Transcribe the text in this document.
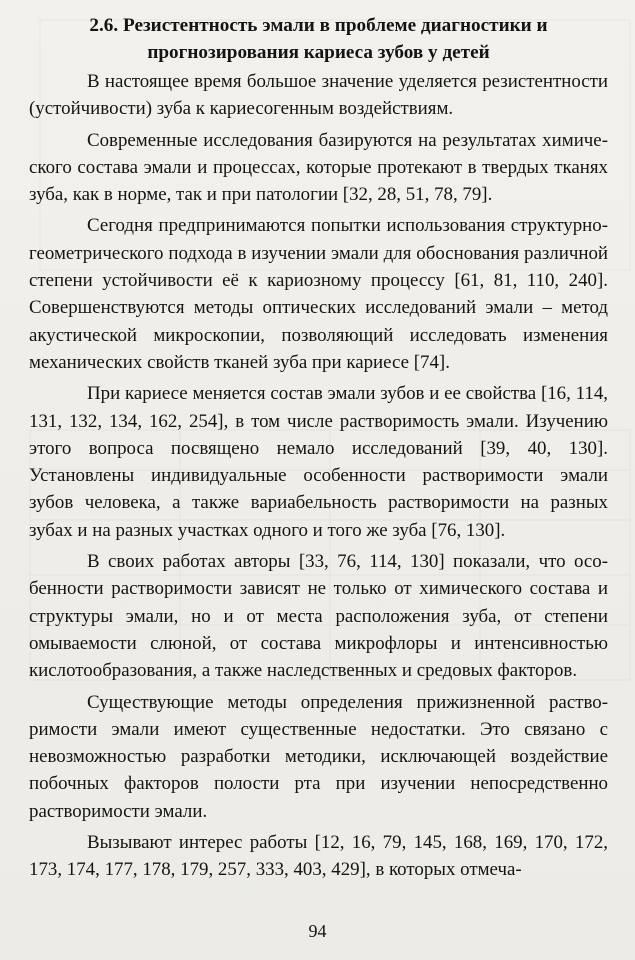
2.6. Резистентность эмали в проблеме диагностики и
прогнозирования кариеса зубов у детей

В настоящее время большое значение уделяется резистентности (устойчивости) зуба к кариесогенным воздействиям.

Современные исследования базируются на результатах химического состава эмали и процессах, которые протекают в твердых тканях зуба, как в норме, так и при патологии [32, 28, 51, 78, 79].

Сегодня предпринимаются попытки использования структурно-геометрического подхода в изучении эмали для обоснования различной степени устойчивости её к кариозному процессу [61, 81, 110, 240]. Совершенствуются методы оптических исследований эмали – метод акустической микроскопии, позволяющий исследовать изменения механических свойств тканей зуба при кариесе [74].

При кариесе меняется состав эмали зубов и ее свойства [16, 114, 131, 132, 134, 162, 254], в том числе растворимость эмали. Изучению этого вопроса посвящено немало исследований [39, 40, 130]. Установлены индивидуальные особенности растворимости эмали зубов человека, а также вариабельность растворимости на разных зубах и на разных участках одного и того же зуба [76, 130].

В своих работах авторы [33, 76, 114, 130] показали, что особенности растворимости зависят не только от химического состава и структуры эмали, но и от места расположения зуба, от степени омываемости слюной, от состава микрофлоры и интенсивностью кислотообразования, а также наследственных и средовых факторов.

Существующие методы определения прижизненной растворимости эмали имеют существенные недостатки. Это связано с невозможностью разработки методики, исключающей воздействие побочных факторов полости рта при изучении непосредственно растворимости эмали.

Вызывают интерес работы [12, 16, 79, 145, 168, 169, 170, 172, 173, 174, 177, 178, 179, 257, 333, 403, 429], в которых отмеча-

94
